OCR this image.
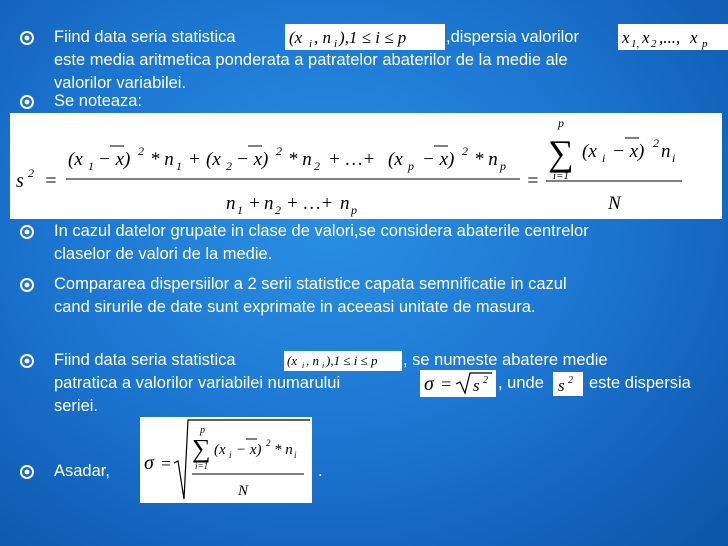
Fiind data seria statistica	(x i , n i ),1 ≤ i ≤ p ,dispersia valorilor	x 1, x 2 ,..., x p
este media aritmetica ponderata a patratelor abaterilor de la medie ale
valorilor variabilei.
Se noteaza:
s 2 =
(x 1 − x) 2 * n 1 + (x 2 − x) 2 * n 2 + …+ (x p − x) 2 * n p
n 1 + n 2 + …+ n p
=
p
∑
i=1
(x i − x) 2 n i
N
In cazul datelor grupate in clase de valori,se considera abaterile centrelor
claselor de valori de la medie.
Compararea dispersiilor a 2 serii statistice capata semnificatie in cazul
cand sirurile de date sunt exprimate in aceeasi unitate de masura.
Fiind data seria statistica	(x i , n i ),1 ≤ i ≤ p , se numeste abatere medie
patratica a valorilor variabilei numarului	σ = s 2 , unde s 2 este dispersia
seriei.
Asadar, σ =
p
∑
i=1
(x i − x) 2 * n i
N
.
